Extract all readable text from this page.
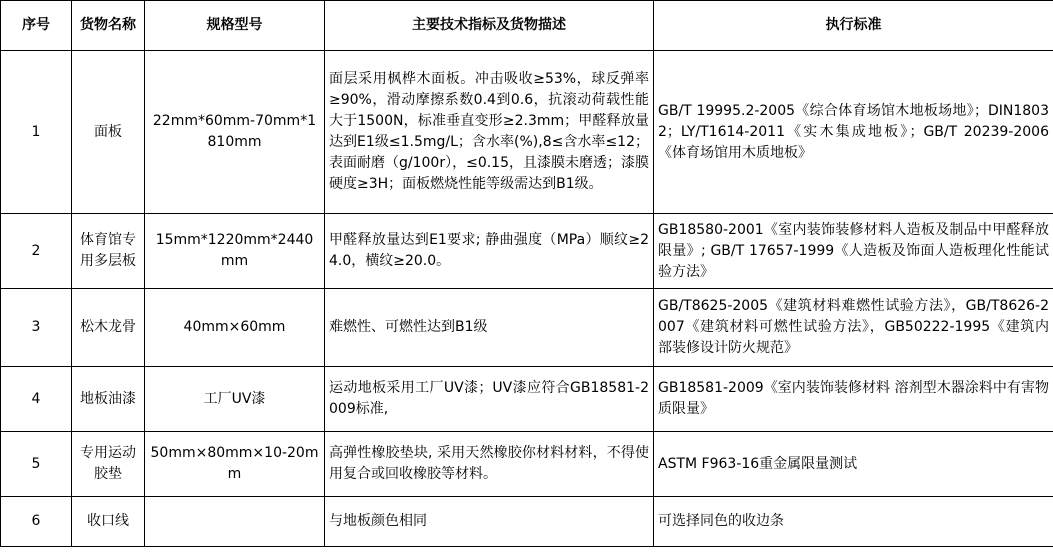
序号	货物名称	规格型号	主要技术指标及货物描述	执行标准
1	面板	22mm*60mm-70mm*1810mm	面层采用枫桦木面板。冲击吸收≥53%，球反弹率≥90%，滑动摩擦系数0.4到0.6，抗滚动荷载性能大于1500N，标准垂直变形≥2.3mm；甲醛释放量达到E1级≤1.5mg/L；含水率(%),8≤含水率≤12；表面耐磨（g/100r），≤0.15，且漆膜未磨透；漆膜硬度≥3H；面板燃烧性能等级需达到B1级。	GB/T 19995.2-2005《综合体育场馆木地板场地》；DIN18032；LY/T1614-2011《实木集成地板》；GB/T 20239-2006《体育场馆用木质地板》
2	体育馆专用多层板	15mm*1220mm*2440mm	甲醛释放量达到E1要求; 静曲强度（MPa）顺纹≥24.0，横纹≥20.0。	GB18580-2001《室内装饰装修材料人造板及制品中甲醛释放限量》; GB/T 17657-1999《人造板及饰面人造板理化性能试验方法》
3	松木龙骨	40mm×60mm	难燃性、可燃性达到B1级	GB/T8625-2005《建筑材料难燃性试验方法》，GB/T8626-2007《建筑材料可燃性试验方法》，GB50222-1995《建筑内部装修设计防火规范》
4	地板油漆	工厂UV漆	运动地板采用工厂UV漆；UV漆应符合GB18581-2009标准,	GB18581-2009《室内装饰装修材料 溶剂型木器涂料中有害物质限量》
5	专用运动胶垫	50mm×80mm×10-20mm	高弹性橡胶垫块, 采用天然橡胶你材料材料，不得使用复合或回收橡胶等材料。	ASTM F963-16重金属限量测试
6	收口线		与地板颜色相同	可选择同色的收边条
